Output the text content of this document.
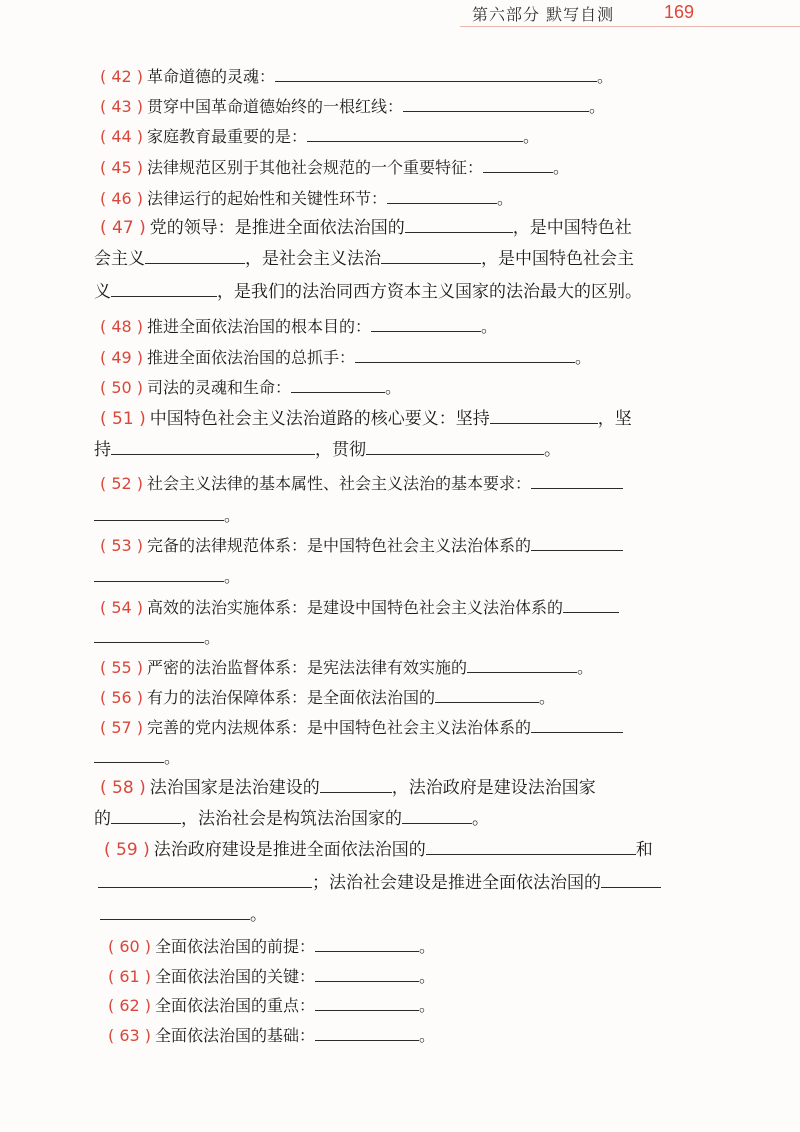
第六部分 默写自测	169
( 42 ) 革命道德的灵魂：	。
( 43 ) 贯穿中国革命道德始终的一根红线：	。
( 44 ) 家庭教育最重要的是：	。
( 45 ) 法律规范区别于其他社会规范的一个重要特征：	。
( 46 ) 法律运行的起始性和关键性环节：	。
( 47 ) 党的领导：是推进全面依法治国的	，是中国特色社
会主义	，是社会主义法治	，是中国特色社会主
义	，是我们的法治同西方资本主义国家的法治最大的区别。
( 48 ) 推进全面依法治国的根本目的：	。
( 49 ) 推进全面依法治国的总抓手：	。
( 50 ) 司法的灵魂和生命：	。
( 51 ) 中国特色社会主义法治道路的核心要义：坚持	，坚
持	，贯彻	。
( 52 ) 社会主义法律的基本属性、社会主义法治的基本要求：
。
( 53 ) 完备的法律规范体系：是中国特色社会主义法治体系的
。
( 54 ) 高效的法治实施体系：是建设中国特色社会主义法治体系的
。
( 55 ) 严密的法治监督体系：是宪法法律有效实施的	。
( 56 ) 有力的法治保障体系：是全面依法治国的	。
( 57 ) 完善的党内法规体系：是中国特色社会主义法治体系的
。
( 58 ) 法治国家是法治建设的	，法治政府是建设法治国家
的	，法治社会是构筑法治国家的	。
( 59 ) 法治政府建设是推进全面依法治国的	和
；法治社会建设是推进全面依法治国的
。
( 60 ) 全面依法治国的前提：	。
( 61 ) 全面依法治国的关键：	。
( 62 ) 全面依法治国的重点：	。
( 63 ) 全面依法治国的基础：	。
